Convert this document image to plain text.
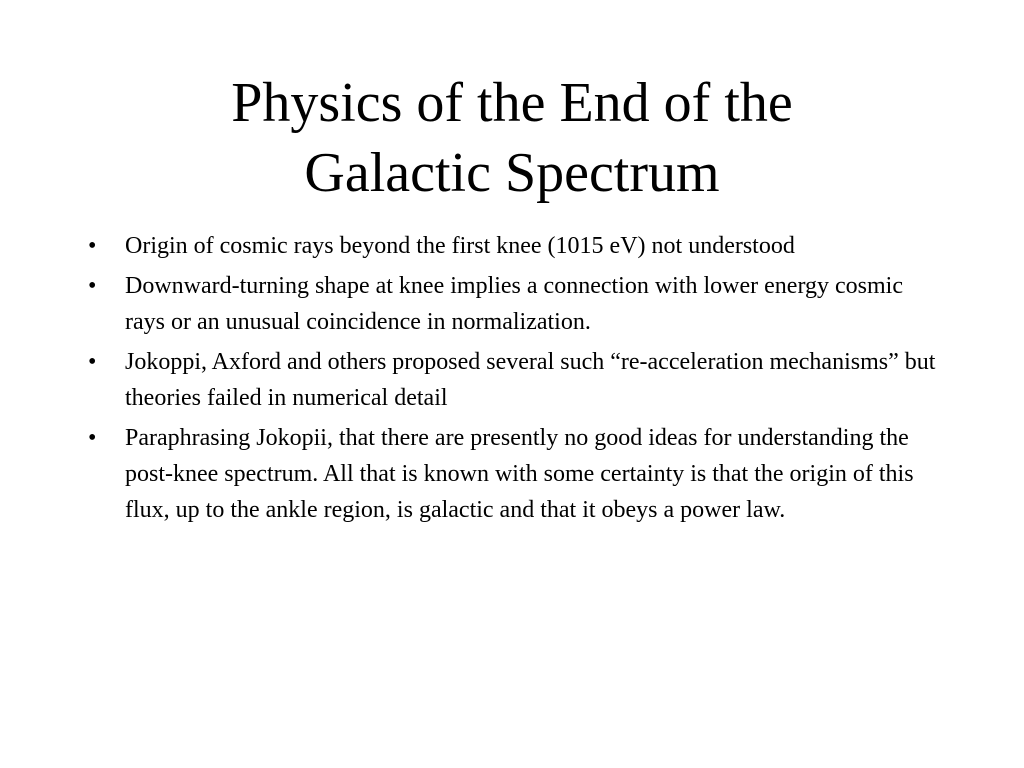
Physics of the End of the
Galactic Spectrum
•	Origin of cosmic rays beyond the first knee (1015 eV) not understood
•	Downward-turning shape at knee implies a connection with lower energy cosmic rays or an unusual coincidence in normalization.
•	Jokoppi, Axford and others proposed several such “re-acceleration mechanisms” but theories failed in numerical detail
•	Paraphrasing Jokopii, that there are presently no good ideas for understanding the post-knee spectrum. All that is known with some certainty is that the origin of this flux, up to the ankle region, is galactic and that it obeys a power law.
